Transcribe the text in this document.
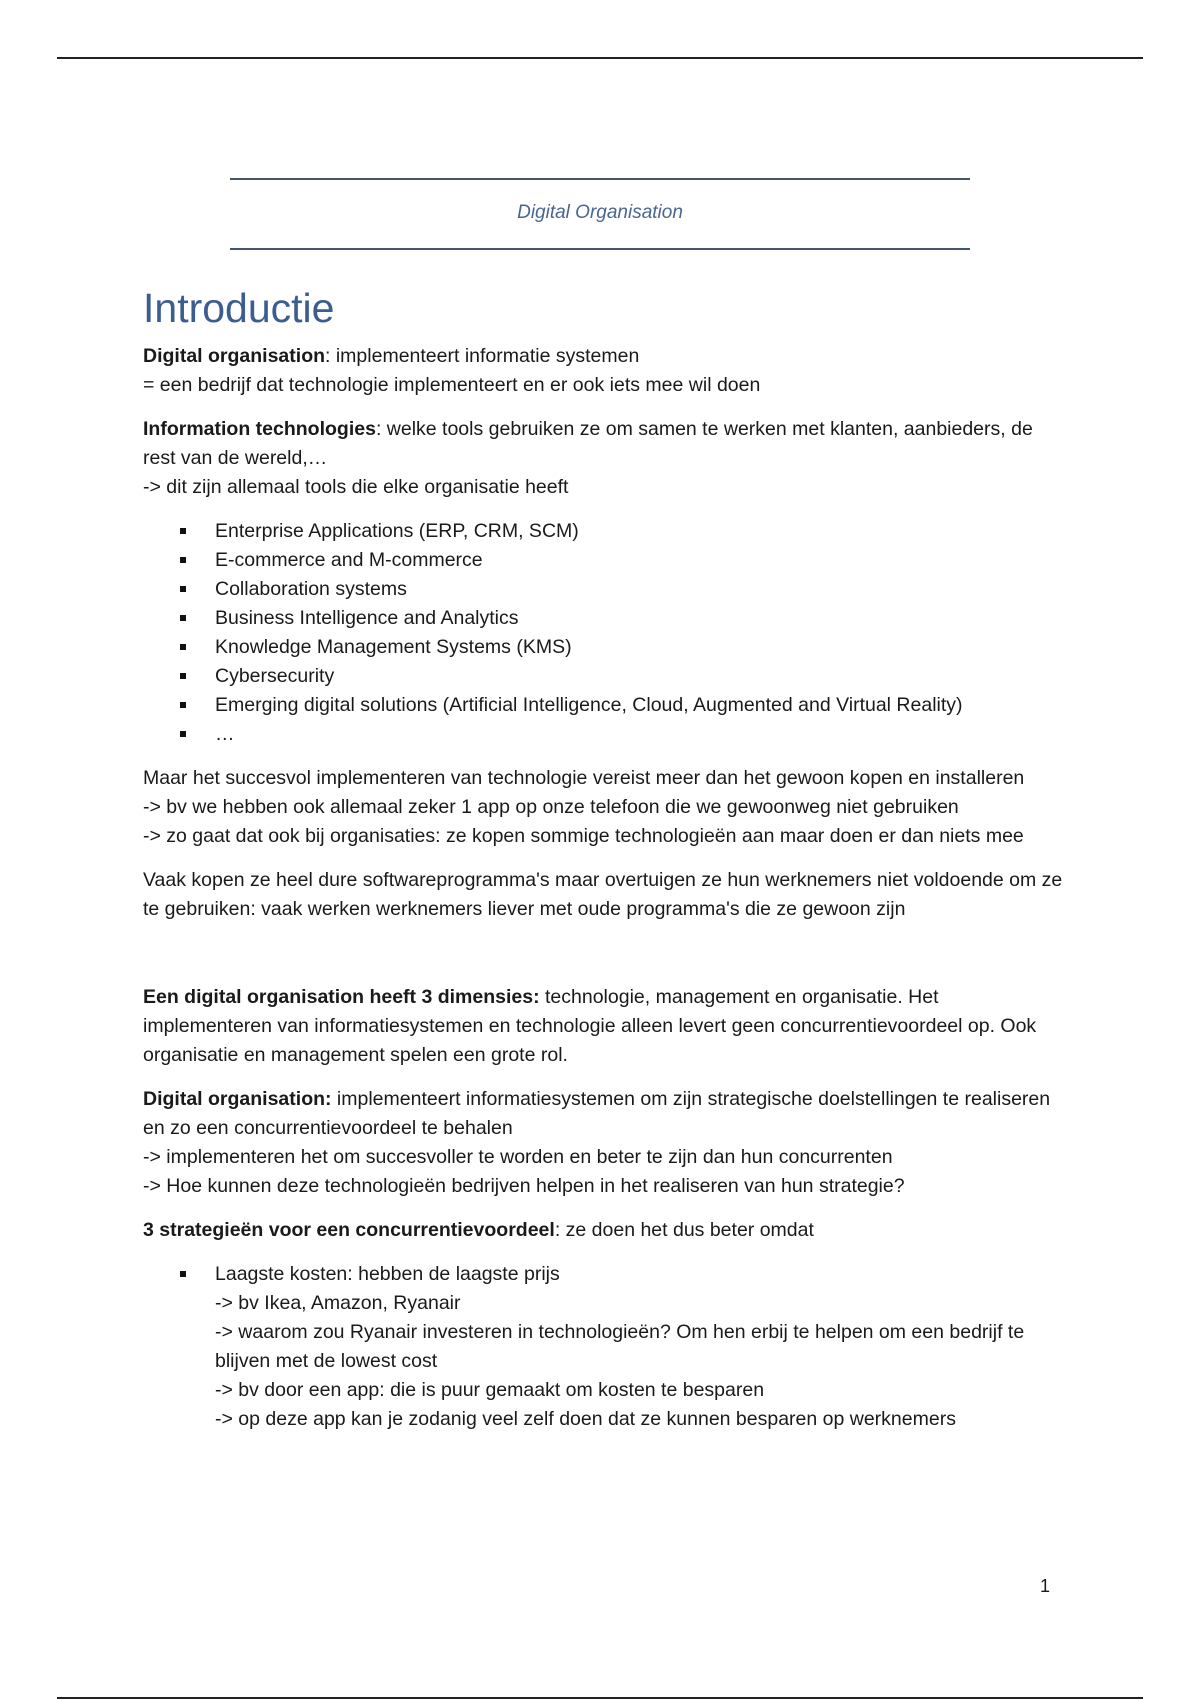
Digital Organisation
Introductie

Digital organisation: implementeert informatie systemen
= een bedrijf dat technologie implementeert en er ook iets mee wil doen

Information technologies: welke tools gebruiken ze om samen te werken met klanten, aanbieders, de rest van de wereld,…
-> dit zijn allemaal tools die elke organisatie heeft

Enterprise Applications (ERP, CRM, SCM)
E-commerce and M-commerce
Collaboration systems
Business Intelligence and Analytics
Knowledge Management Systems (KMS)
Cybersecurity
Emerging digital solutions (Artificial Intelligence, Cloud, Augmented and Virtual Reality)
…

Maar het succesvol implementeren van technologie vereist meer dan het gewoon kopen en installeren
-> bv we hebben ook allemaal zeker 1 app op onze telefoon die we gewoonweg niet gebruiken
-> zo gaat dat ook bij organisaties: ze kopen sommige technologieën aan maar doen er dan niets mee

Vaak kopen ze heel dure softwareprogramma's maar overtuigen ze hun werknemers niet voldoende om ze te gebruiken: vaak werken werknemers liever met oude programma's die ze gewoon zijn

Een digital organisation heeft 3 dimensies: technologie, management en organisatie. Het implementeren van informatiesystemen en technologie alleen levert geen concurrentievoordeel op. Ook organisatie en management spelen een grote rol.

Digital organisation: implementeert informatiesystemen om zijn strategische doelstellingen te realiseren en zo een concurrentievoordeel te behalen
-> implementeren het om succesvoller te worden en beter te zijn dan hun concurrenten
-> Hoe kunnen deze technologieën bedrijven helpen in het realiseren van hun strategie?

3 strategieën voor een concurrentievoordeel: ze doen het dus beter omdat

Laagste kosten: hebben de laagste prijs
-> bv Ikea, Amazon, Ryanair
-> waarom zou Ryanair investeren in technologieën? Om hen erbij te helpen om een bedrijf te blijven met de lowest cost
-> bv door een app: die is puur gemaakt om kosten te besparen
-> op deze app kan je zodanig veel zelf doen dat ze kunnen besparen op werknemers
1
